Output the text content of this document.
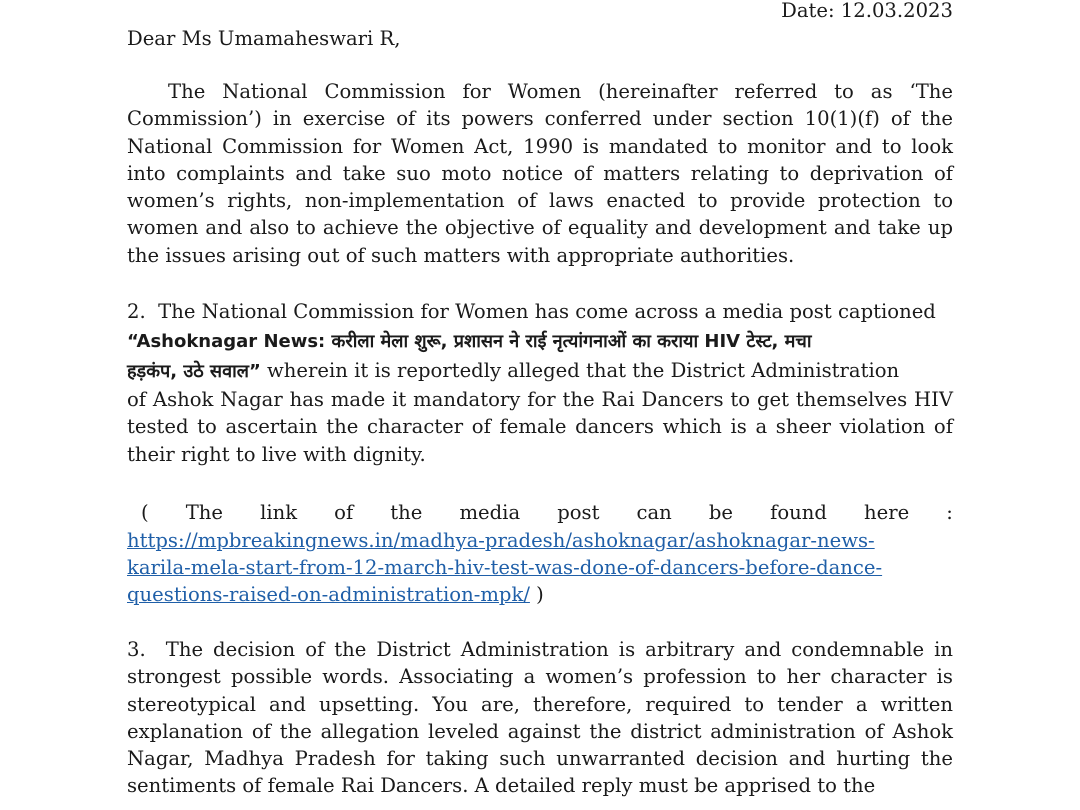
Date: 12.03.2023
Dear Ms Umamaheswari R,

The National Commission for Women (hereinafter referred to as ‘The Commission’) in exercise of its powers conferred under section 10(1)(f) of the National Commission for Women Act, 1990 is mandated to monitor and to look into complaints and take suo moto notice of matters relating to deprivation of women’s rights, non-implementation of laws enacted to provide protection to women and also to achieve the objective of equality and development and take up the issues arising out of such matters with appropriate authorities.

2.  The National Commission for Women has come across a media post captioned
“Ashoknagar News: करीला मेला शुरू, प्रशासन ने राई नृत्यांगनाओं का कराया HIV टेस्ट, मचा
हड़कंप, उठे सवाल” wherein it is reportedly alleged that the District Administration
of Ashok Nagar has made it mandatory for the Rai Dancers to get themselves HIV tested to ascertain the character of female dancers which is a sheer violation of their right to live with dignity.
( The link of the media post can be found here :
https://mpbreakingnews.in/madhya-pradesh/ashoknagar/ashoknagar-news-
karila-mela-start-from-12-march-hiv-test-was-done-of-dancers-before-dance-
questions-raised-on-administration-mpk/ )

3.  The decision of the District Administration is arbitrary and condemnable in strongest possible words. Associating a women’s profession to her character is stereotypical and upsetting. You are, therefore, required to tender a written explanation of the allegation leveled against the district administration of Ashok Nagar, Madhya Pradesh for taking such unwarranted decision and hurting the sentiments of female Rai Dancers. A detailed reply must be apprised to the
